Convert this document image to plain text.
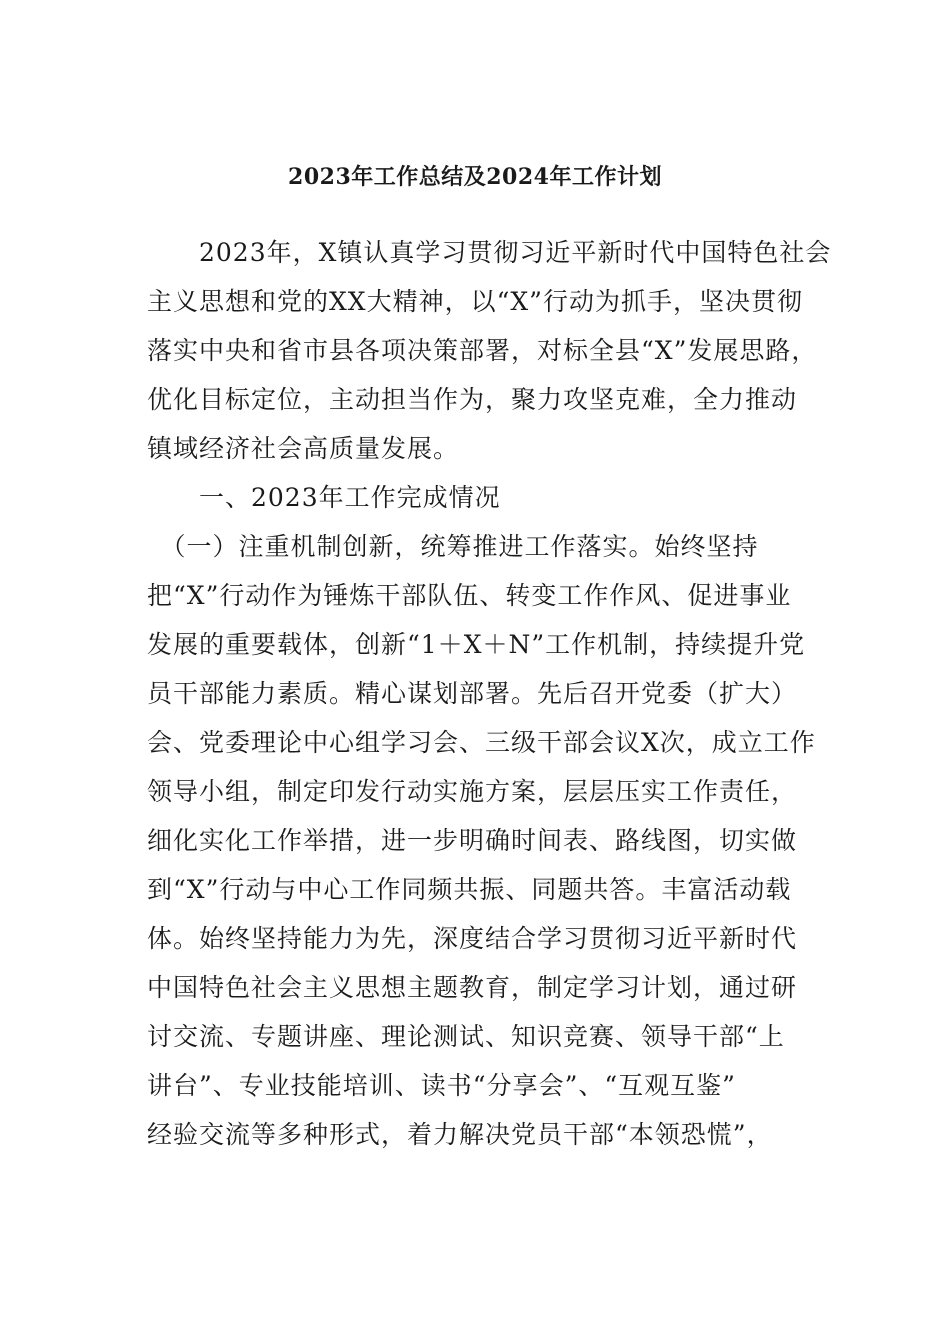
2023年工作总结及2024年工作计划
　　2023年，X镇认真学习贯彻习近平新时代中国特色社会
主义思想和党的XX大精神，以“X”行动为抓手，坚决贯彻
落实中央和省市县各项决策部署，对标全县“X”发展思路，
优化目标定位，主动担当作为，聚力攻坚克难，全力推动
镇域经济社会高质量发展。
　　一、2023年工作完成情况
　（一）注重机制创新，统筹推进工作落实。始终坚持
把“X”行动作为锤炼干部队伍、转变工作作风、促进事业
发展的重要载体，创新“1＋X＋N”工作机制，持续提升党
员干部能力素质。精心谋划部署。先后召开党委（扩大）
会、党委理论中心组学习会、三级干部会议X次，成立工作
领导小组，制定印发行动实施方案，层层压实工作责任，
细化实化工作举措，进一步明确时间表、路线图，切实做
到“X”行动与中心工作同频共振、同题共答。丰富活动载
体。始终坚持能力为先，深度结合学习贯彻习近平新时代
中国特色社会主义思想主题教育，制定学习计划，通过研
讨交流、专题讲座、理论测试、知识竞赛、领导干部“上
讲台”、专业技能培训、读书“分享会”、“互观互鉴”
经验交流等多种形式，着力解决党员干部“本领恐慌”，
